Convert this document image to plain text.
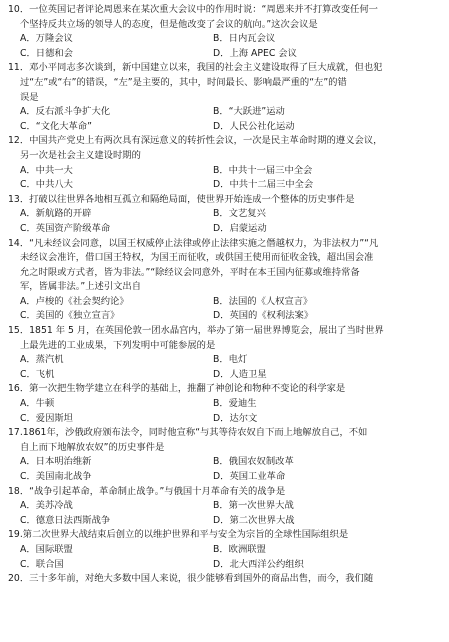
10．一位英国记者评论周恩来在某次重大会议中的作用时说：“周恩来并不打算改变任何一
个坚持反共立场的领导人的态度，但是他改变了会议的航向。”这次会议是
A．万隆会议	B．日内瓦会议
C．日德和会	D．上海 APEC 会议
11．邓小平同志多次谈到，新中国建立以来，我国的社会主义建设取得了巨大成就，但也犯
过“左”或“右”的错误，“左”是主要的，其中，时间最长、影响最严重的“左”的错
误是
A．反右派斗争扩大化	B．“大跃进”运动
C．“文化大革命”	D．人民公社化运动
12．中国共产党史上有两次具有深远意义的转折性会议，一次是民主革命时期的遵义会议，
另一次是社会主义建设时期的
A．中共一大	B．中共十一届三中全会
C．中共八大	D．中共十二届三中全会
13．打破以往世界各地相互孤立和隔绝局面，使世界开始连成一个整体的历史事件是
A．新航路的开辟	B．文艺复兴
C．英国资产阶级革命	D．启蒙运动
14．“凡未经议会同意，以国王权威停止法律或停止法律实施之僭越权力，为非法权力”“凡
未经议会准许，借口国王特权，为国王而征收，或供国王使用而征收金钱，超出国会准
允之时限或方式者，皆为非法。”“除经议会同意外，平时在本王国内征募或维持常备
军，皆属非法。”上述引文出自
A．卢梭的《社会契约论》	B．法国的《人权宣言》
C．美国的《独立宣言》	D．英国的《权利法案》
15．1851 年 5 月，在英国伦敦一团水晶宫内，举办了第一届世界博览会，展出了当时世界
上最先进的工业成果，下列发明中可能参展的是
A．蒸汽机	B．电灯
C．飞机	D．人造卫星
16．第一次把生物学建立在科学的基础上，推翻了神创论和物种不变论的科学家是
A．牛顿	B．爱迪生
C．爱因斯坦	D．达尔文
17.1861年，沙俄政府颁布法令，同时他宣称“与其等待农奴自下而上地解放自己，不如
自上而下地解放农奴”的历史事件是
A．日本明治维新	B．俄国农奴制改革
C．美国南北战争	D．英国工业革命
18．“战争引起革命，革命制止战争。”与俄国十月革命有关的战争是
A．美苏冷战	B．第一次世界大战
C．德意日法西斯战争	D．第二次世界大战
19.第二次世界大战结束后创立的以维护世界和平与安全为宗旨的全球性国际组织是
A．国际联盟	B．欧洲联盟
C．联合国	D．北大西洋公约组织
20．三十多年前，对绝大多数中国人来说，很少能够看到国外的商品出售，而今，我们随
